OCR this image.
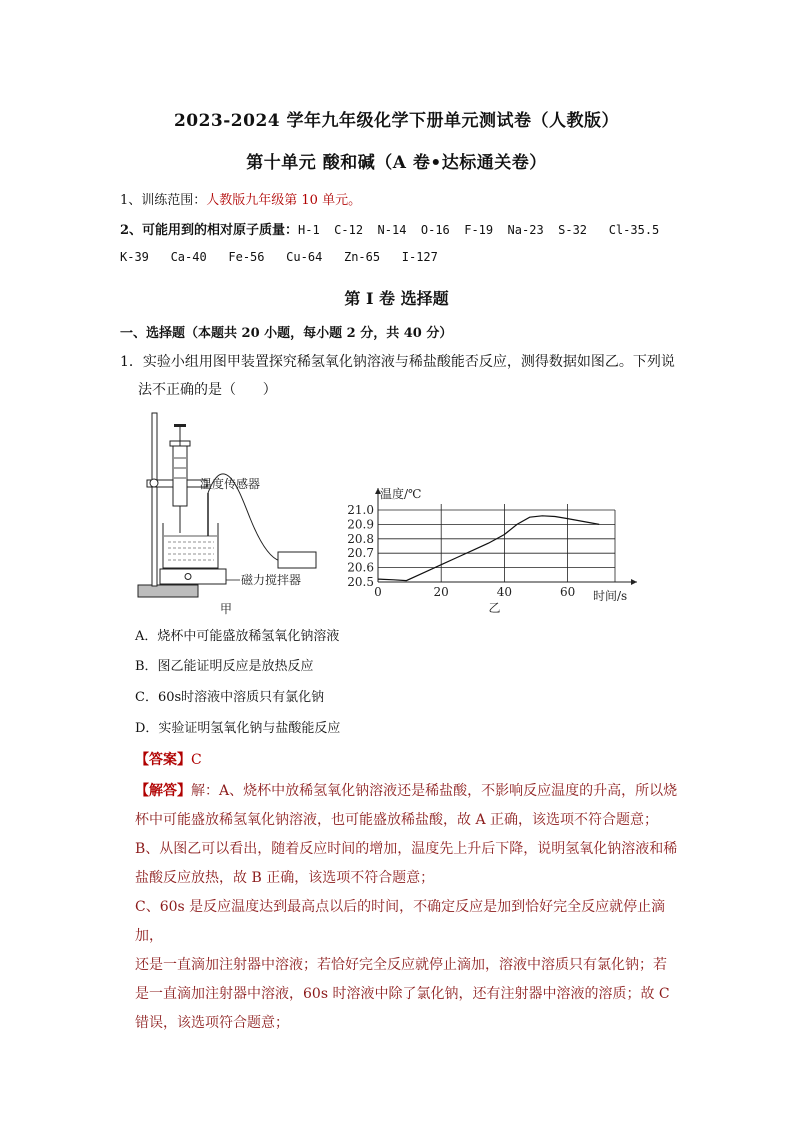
2023-2024 学年九年级化学下册单元测试卷（人教版）
第十单元 酸和碱（A 卷•达标通关卷）
1、训练范围：人教版九年级第 10 单元。
2、可能用到的相对原子质量：H-1  C-12  N-14  O-16  F-19  Na-23  S-32   Cl-35.5
K-39   Ca-40   Fe-56   Cu-64   Zn-65   I-127
第 I 卷 选择题
一、选择题（本题共 20 小题，每小题 2 分，共 40 分）
1．实验小组用图甲装置探究稀氢氧化钠溶液与稀盐酸能否反应，测得数据如图乙。下列说
法不正确的是（      ）
温度传感器
磁力搅拌器
甲
20.5
20.6
20.7
20.8
20.9
21.0
0	20	40	60
温度/℃
时间/s
乙
A．烧杯中可能盛放稀氢氧化钠溶液
B．图乙能证明反应是放热反应
C．60s时溶液中溶质只有氯化钠
D．实验证明氢氧化钠与盐酸能反应
【答案】C
【解答】解：A、烧杯中放稀氢氧化钠溶液还是稀盐酸，不影响反应温度的升高，所以烧
杯中可能盛放稀氢氧化钠溶液，也可能盛放稀盐酸，故 A 正确，该选项不符合题意；
B、从图乙可以看出，随着反应时间的增加，温度先上升后下降，说明氢氧化钠溶液和稀
盐酸反应放热，故 B 正确，该选项不符合题意；
C、60s 是反应温度达到最高点以后的时间，不确定反应是加到恰好完全反应就停止滴加，
还是一直滴加注射器中溶液；若恰好完全反应就停止滴加，溶液中溶质只有氯化钠；若
是一直滴加注射器中溶液，60s 时溶液中除了氯化钠，还有注射器中溶液的溶质；故 C
错误，该选项符合题意；
